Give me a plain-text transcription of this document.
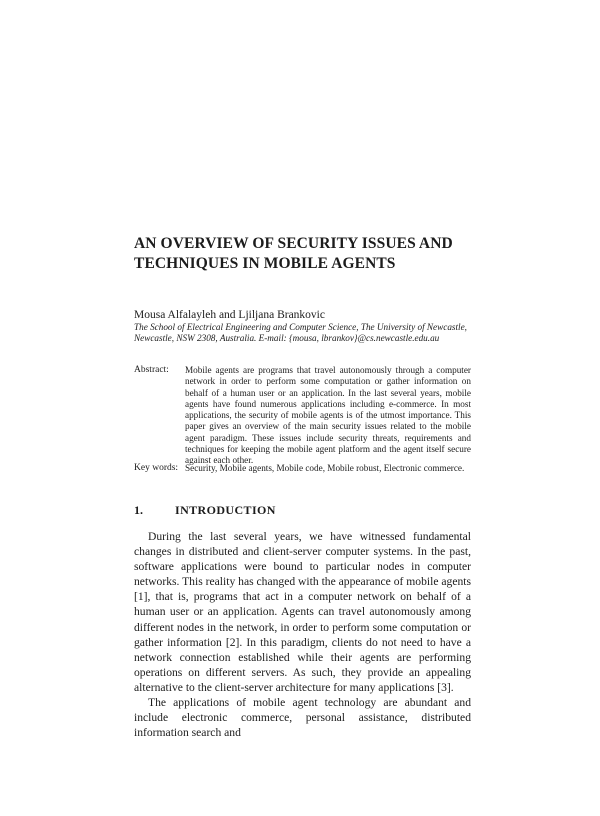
AN OVERVIEW OF SECURITY ISSUES AND
TECHNIQUES IN MOBILE AGENTS
Mousa Alfalayleh and Ljiljana Brankovic
The School of Electrical Engineering and Computer Science, The University of Newcastle,
Newcastle, NSW 2308, Australia. E-mail: {mousa, lbrankov}@cs.newcastle.edu.au
Abstract: Mobile agents are programs that travel autonomously through a computer network in order to perform some computation or gather information on behalf of a human user or an application. In the last several years, mobile agents have found numerous applications including e-commerce. In most applications, the security of mobile agents is of the utmost importance. This paper gives an overview of the main security issues related to the mobile agent paradigm. These issues include security threats, requirements and techniques for keeping the mobile agent platform and the agent itself secure against each other.
Key words: Security, Mobile agents, Mobile code, Mobile robust, Electronic commerce.
1.	INTRODUCTION

During the last several years, we have witnessed fundamental changes in distributed and client-server computer systems. In the past, software applications were bound to particular nodes in computer networks. This reality has changed with the appearance of mobile agents [1], that is, programs that act in a computer network on behalf of a human user or an application. Agents can travel autonomously among different nodes in the network, in order to perform some computation or gather information [2]. In this paradigm, clients do not need to have a network connection established while their agents are performing operations on different servers. As such, they provide an appealing alternative to the client-server architecture for many applications [3].

The applications of mobile agent technology are abundant and include electronic commerce, personal assistance, distributed information search and
